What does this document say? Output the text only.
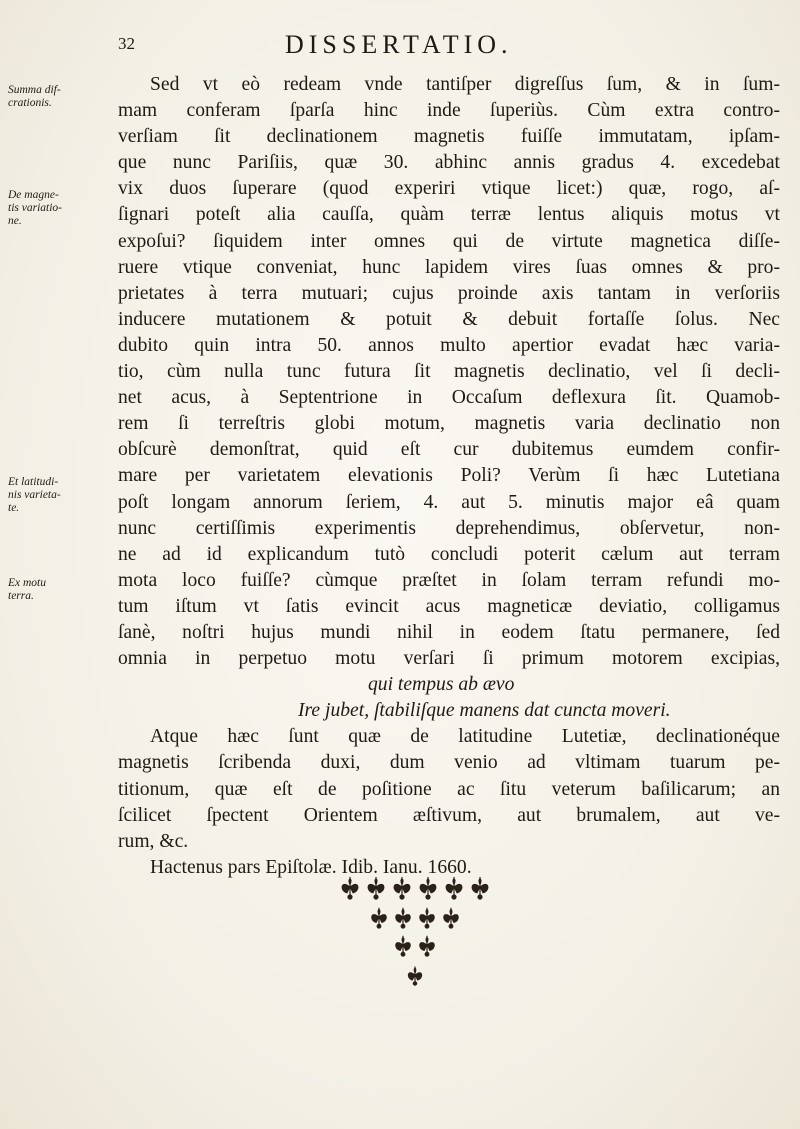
32	DISSERTATIO.
Summa dif-
crationis.
De magne-
tis variatio-
ne.
Et latitudi-
nis varieta-
te.
Ex motu
terra.
Sed vt eò redeam vnde tantiſper digreſſus ſum, & in ſum-
mam conferam ſparſa hinc inde ſuperiùs. Cùm extra contro-
verſiam ſit declinationem magnetis fuiſſe immutatam, ipſam-
que nunc Pariſiis, quæ 30. abhinc annis gradus 4. excedebat
vix duos ſuperare (quod experiri vtique licet:) quæ, rogo, aſ-
ſignari poteſt alia cauſſa, quàm terræ lentus aliquis motus vt
expoſui? ſiquidem inter omnes qui de virtute magnetica diſſe-
ruere vtique conveniat, hunc lapidem vires ſuas omnes & pro-
prietates à terra mutuari; cujus proinde axis tantam in verſoriis
inducere mutationem & potuit & debuit fortaſſe ſolus. Nec
dubito quin intra 50. annos multo apertior evadat hæc varia-
tio, cùm nulla tunc futura ſit magnetis declinatio, vel ſi decli-
net acus, à Septentrione in Occaſum deflexura ſit. Quamob-
rem ſi terreſtris globi motum, magnetis varia declinatio non
obſcurè demonſtrat, quid eſt cur dubitemus eumdem confir-
mare per varietatem elevationis Poli? Verùm ſi hæc Lutetiana
poſt longam annorum ſeriem, 4. aut 5. minutis major eâ quam
nunc certiſſimis experimentis deprehendimus, obſervetur, non-
ne ad id explicandum tutò concludi poterit cælum aut terram
mota loco fuiſſe? cùmque præſtet in ſolam terram refundi mo-
tum iſtum vt ſatis evincit acus magneticæ deviatio, colligamus
ſanè, noſtri hujus mundi nihil in eodem ſtatu permanere, ſed
omnia in perpetuo motu verſari ſi primum motorem excipias,
qui tempus ab ævo
Ire jubet, ſtabiliſque manens dat cuncta moveri.
Atque hæc ſunt quæ de latitudine Lutetiæ, declinationéque
magnetis ſcribenda duxi, dum venio ad vltimam tuarum pe-
titionum, quæ eſt de poſitione ac ſitu veterum baſilicarum; an
ſcilicet ſpectent Orientem æſtivum, aut brumalem, aut ve-
rum, &c.
Hactenus pars Epiſtolæ. Idib. Ianu. 1660.
